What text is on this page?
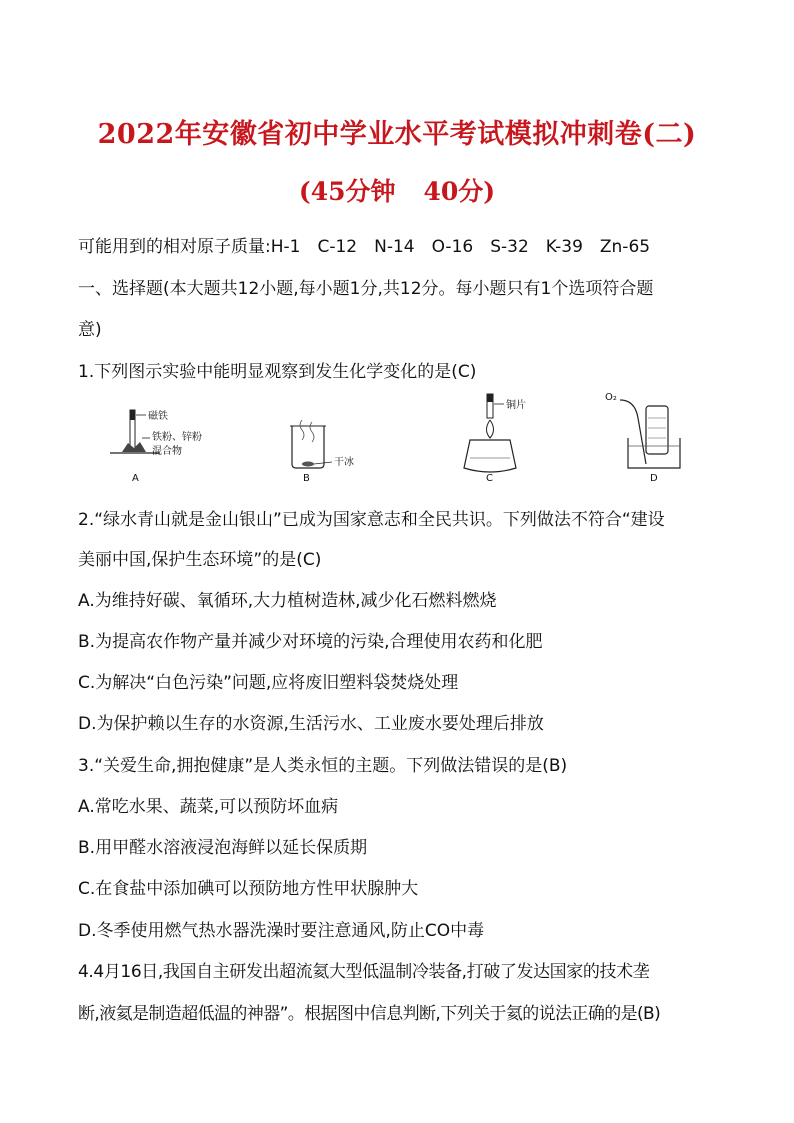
2022年安徽省初中学业水平考试模拟冲刺卷(二)
(45分钟 40分)
可能用到的相对原子质量:H-1　C-12　N-14　O-16　S-32　K-39　Zn-65
一、选择题(本大题共12小题,每小题1分,共12分。每小题只有1个选项符合题
意)
1.下列图示实验中能明显观察到发生化学变化的是(C)
磁铁
铁粉、锌粉
混合物
A
干冰
B
铜片
C
O₂
D
2.“绿水青山就是金山银山”已成为国家意志和全民共识。下列做法不符合“建设
美丽中国,保护生态环境”的是(C)
A.为维持好碳、氧循环,大力植树造林,减少化石燃料燃烧
B.为提高农作物产量并减少对环境的污染,合理使用农药和化肥
C.为解决“白色污染”问题,应将废旧塑料袋焚烧处理
D.为保护赖以生存的水资源,生活污水、工业废水要处理后排放
3.“关爱生命,拥抱健康”是人类永恒的主题。下列做法错误的是(B)
A.常吃水果、蔬菜,可以预防坏血病
B.用甲醛水溶液浸泡海鲜以延长保质期
C.在食盐中添加碘可以预防地方性甲状腺肿大
D.冬季使用燃气热水器洗澡时要注意通风,防止CO中毒
4.4月16日,我国自主研发出超流氦大型低温制冷装备,打破了发达国家的技术垄
断,液氦是制造超低温的神器”。根据图中信息判断,下列关于氦的说法正确的是(B)
